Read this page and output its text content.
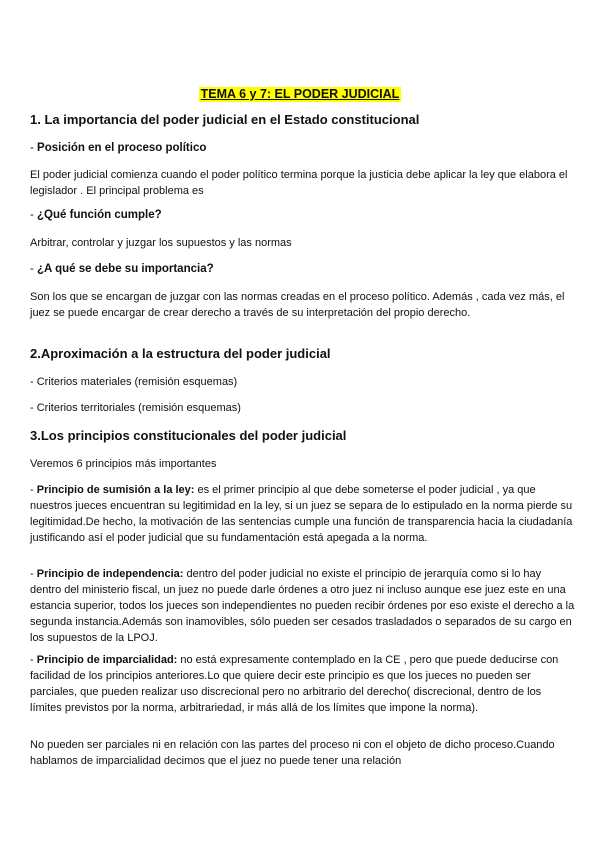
TEMA 6 y 7: EL PODER JUDICIAL
1. La importancia del poder judicial en el Estado constitucional
- Posición en el proceso político
El poder judicial comienza cuando el poder político termina porque la justicia debe aplicar la ley que elabora el legislador . El principal problema es
- ¿Qué función cumple?
Arbitrar, controlar y juzgar los supuestos y las normas
- ¿A qué se debe su importancia?
Son los que se encargan de juzgar con las normas creadas en el proceso político. Además , cada vez más, el juez se puede encargar de crear derecho a través de su interpretación del propio derecho.
2.Aproximación a la estructura del poder judicial
- Criterios materiales (remisión esquemas)
- Criterios territoriales (remisión esquemas)
3.Los principios constitucionales del poder judicial
Veremos 6 principios más importantes
- Principio de sumisión a la ley: es el primer principio al que debe someterse el poder judicial , ya que nuestros jueces encuentran su legitimidad en la ley, si un juez se separa de lo estipulado en la norma pierde su legitimidad.De hecho, la motivación de las sentencias cumple una función de transparencia hacia la ciudadanía justificando así el poder judicial que su fundamentación está apegada a la norma.
- Principio de independencia: dentro del poder judicial no existe el principio de jerarquía como si lo hay dentro del ministerio fiscal, un juez no puede darle órdenes a otro juez ni incluso aunque ese juez este en una estancia superior, todos los jueces son independientes no pueden recibir órdenes por eso existe el derecho a la segunda instancia.Además son inamovibles, sólo pueden ser cesados trasladados o separados de su cargo en los supuestos de la LPOJ.
- Principio de imparcialidad: no está expresamente contemplado en la CE , pero que puede deducirse con facilidad de los principios anteriores.Lo que quiere decir este principio es que los jueces no pueden ser parciales, que pueden realizar uso discrecional pero no arbitrario del derecho( discrecional, dentro de los límites previstos por la norma, arbitrariedad, ir más allá de los límites que impone la norma).
No pueden ser parciales ni en relación con las partes del proceso ni con el objeto de dicho proceso.Cuando hablamos de imparcialidad decimos que el juez no puede tener una relación
